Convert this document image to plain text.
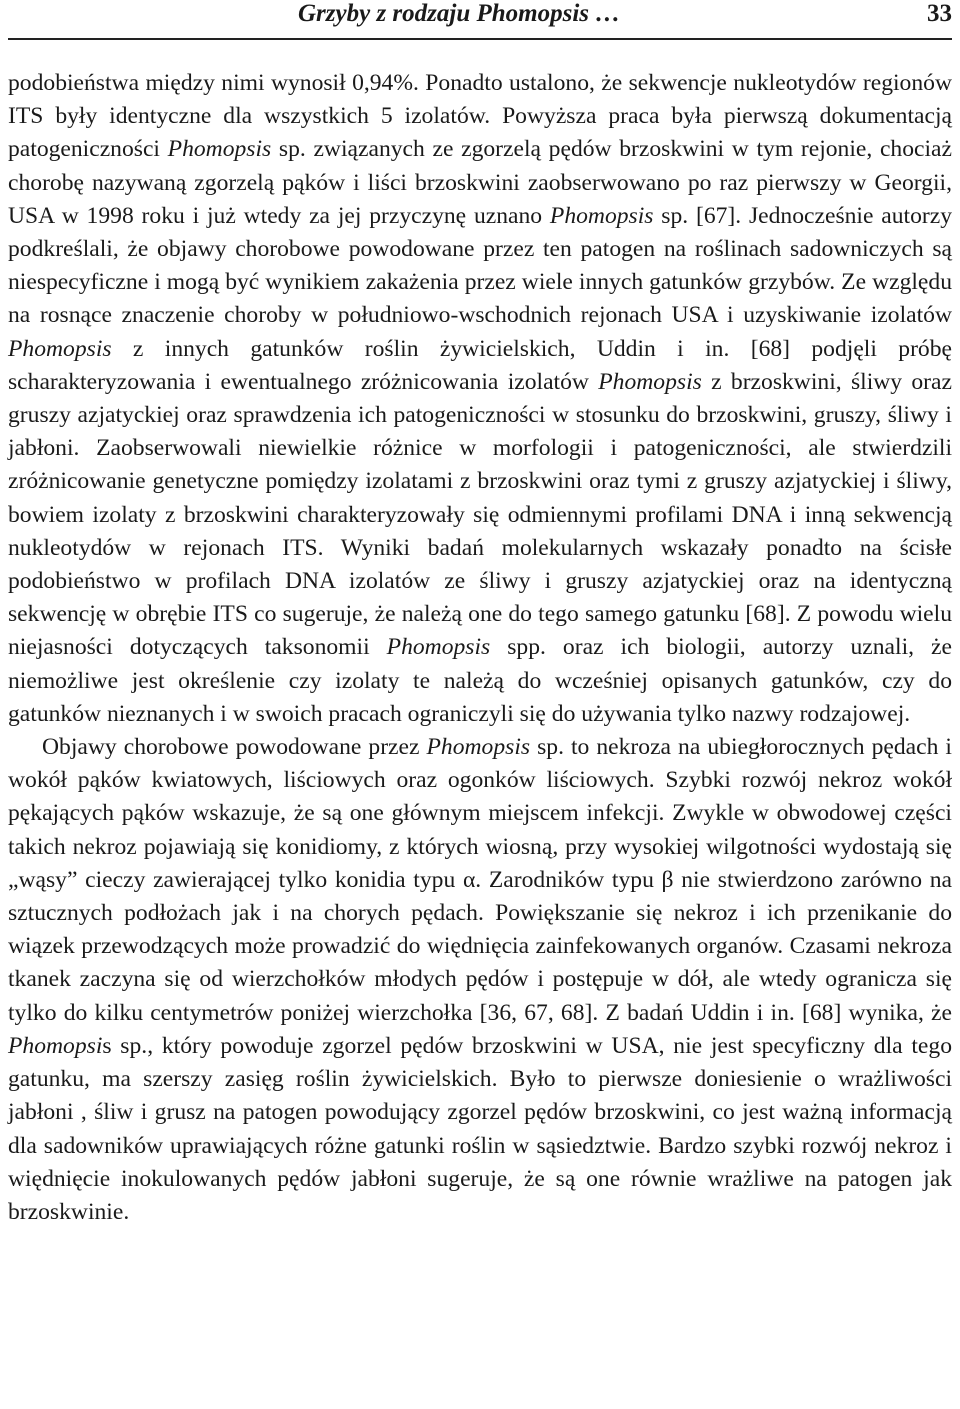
Grzyby z rodzaju Phomopsis …	33

podobieństwa między nimi wynosił 0,94%. Ponadto ustalono, że sekwencje nukleotydów regionów ITS były identyczne dla wszystkich 5 izolatów. Powyższa praca była pierwszą dokumentacją patogeniczności Phomopsis sp. związanych ze zgorzelą pędów brzoskwini w tym rejonie, chociaż chorobę nazywaną zgorzelą pąków i liści brzoskwini zaobserwowano po raz pierwszy w Georgii, USA w 1998 roku i już wtedy za jej przyczynę uznano Phomopsis sp. [67]. Jednocześnie autorzy podkreślali, że objawy chorobowe powodowane przez ten patogen na roślinach sadowniczych są niespecyficzne i mogą być wynikiem zakażenia przez wiele innych gatunków grzybów. Ze względu na rosnące znaczenie choroby w południowo-wschodnich rejonach USA i uzyskiwanie izolatów Phomopsis z innych gatunków roślin żywicielskich, Uddin i in. [68] podjęli próbę scharakteryzowania i ewentualnego zróżnicowania izolatów Phomopsis z brzoskwini, śliwy oraz gruszy azjatyckiej oraz sprawdzenia ich patogeniczności w stosunku do brzoskwini, gruszy, śliwy i jabłoni. Zaobserwowali niewielkie różnice w morfologii i patogeniczności, ale stwierdzili zróżnicowanie genetyczne pomiędzy izolatami z brzoskwini oraz tymi z gruszy azjatyckiej i śliwy, bowiem izolaty z brzoskwini charakteryzowały się odmiennymi profilami DNA i inną sekwencją nukleotydów w rejonach ITS. Wyniki badań molekularnych wskazały ponadto na ścisłe podobieństwo w profilach DNA izolatów ze śliwy i gruszy azjatyckiej oraz na identyczną sekwencję w obrębie ITS co sugeruje, że należą one do tego samego gatunku [68]. Z powodu wielu niejasności dotyczących taksonomii Phomopsis spp. oraz ich biologii, autorzy uznali, że niemożliwe jest określenie czy izolaty te należą do wcześniej opisanych gatunków, czy do gatunków nieznanych i w swoich pracach ograniczyli się do używania tylko nazwy rodzajowej.

Objawy chorobowe powodowane przez Phomopsis sp. to nekroza na ubiegłorocznych pędach i wokół pąków kwiatowych, liściowych oraz ogonków liściowych. Szybki rozwój nekroz wokół pękających pąków wskazuje, że są one głównym miejscem infekcji. Zwykle w obwodowej części takich nekroz pojawiają się konidiomy, z których wiosną, przy wysokiej wilgotności wydostają się „wąsy” cieczy zawierającej tylko konidia typu α. Zarodników typu β nie stwierdzono zarówno na sztucznych podłożach jak i na chorych pędach. Powiększanie się nekroz i ich przenikanie do wiązek przewodzących może prowadzić do więdnięcia zainfekowanych organów. Czasami nekroza tkanek zaczyna się od wierzchołków młodych pędów i postępuje w dół, ale wtedy ogranicza się tylko do kilku centymetrów poniżej wierzchołka [36, 67, 68]. Z badań Uddin i in. [68] wynika, że Phomopsis sp., który powoduje zgorzel pędów brzoskwini w USA, nie jest specyficzny dla tego gatunku, ma szerszy zasięg roślin żywicielskich. Było to pierwsze doniesienie o wrażliwości jabłoni , śliw i grusz na patogen powodujący zgorzel pędów brzoskwini, co jest ważną informacją dla sadowników uprawiających różne gatunki roślin w sąsiedztwie. Bardzo szybki rozwój nekroz i więdnięcie inokulowanych pędów jabłoni sugeruje, że są one równie wrażliwe na patogen jak brzoskwinie.
